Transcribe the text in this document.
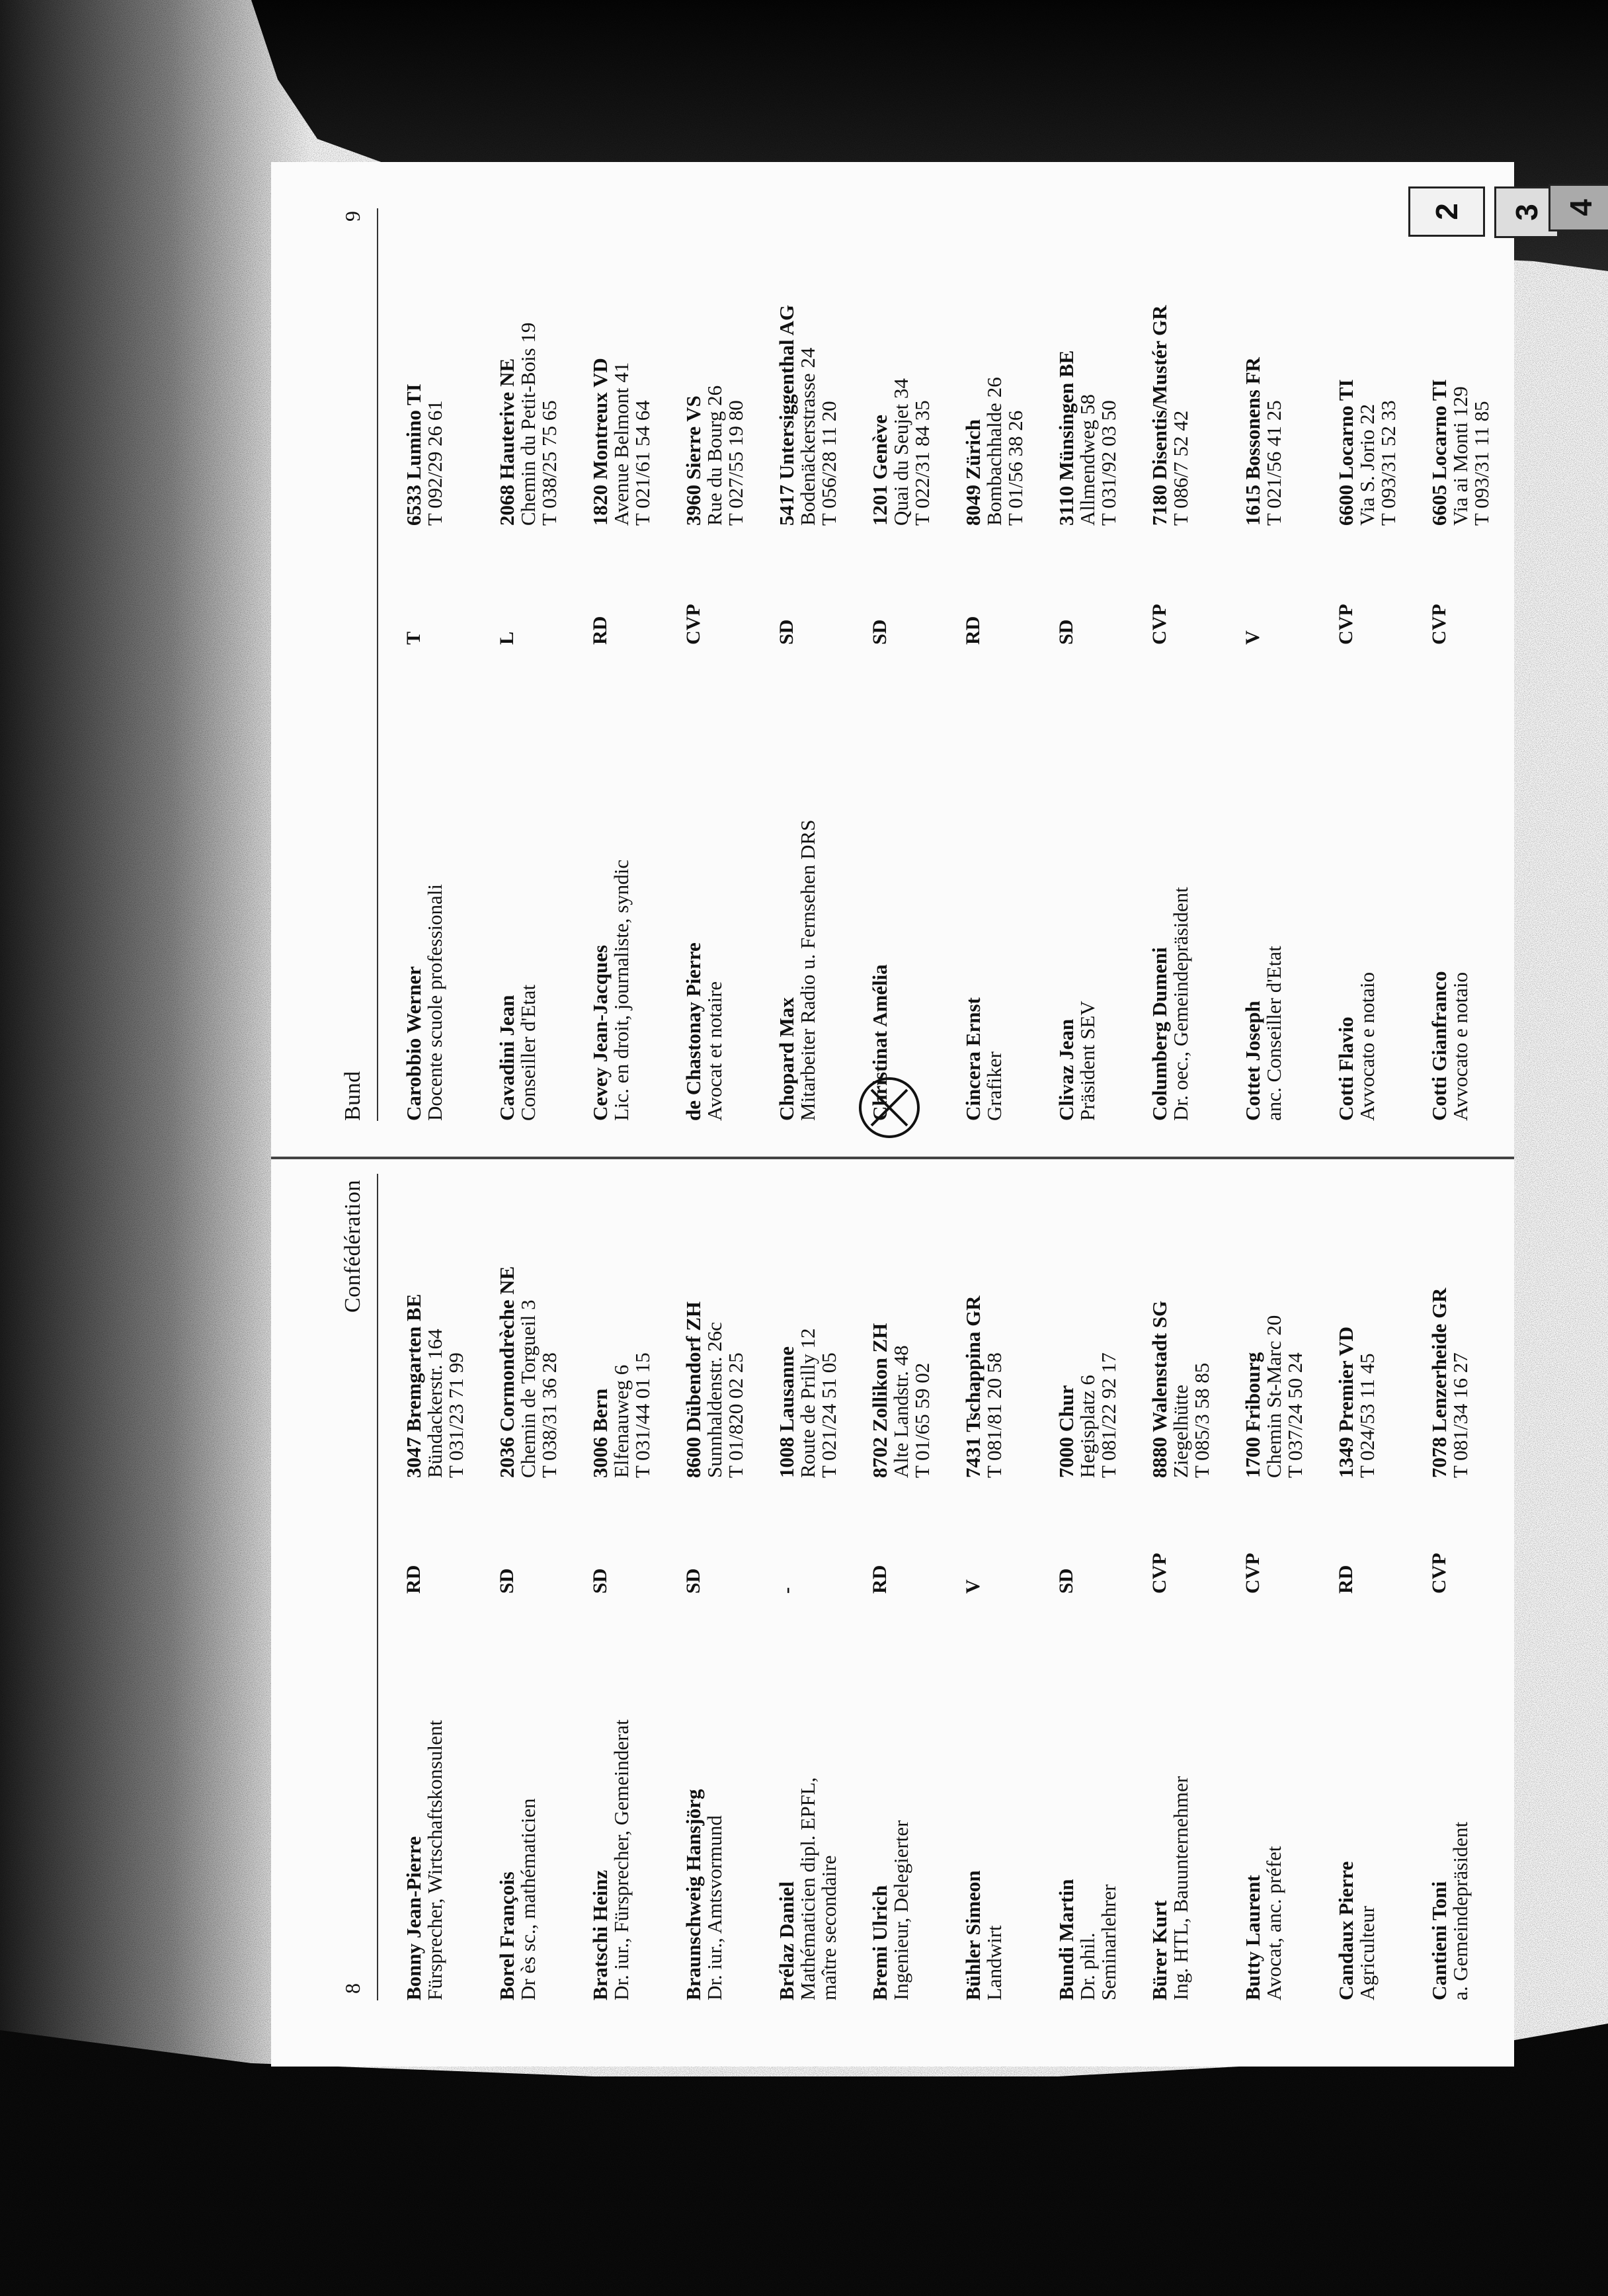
8
Confédération
Bonny Jean-Pierre
Fürsprecher, Wirtschaftskonsulent
RD
3047 Bremgarten BE
Bündackerstr. 164
T 031/23 71 99
Borel François
Dr ès sc., mathématicien
SD
2036 Cormondrèche NE
Chemin de Torgueil 3
T 038/31 36 28
Bratschi Heinz
Dr. iur., Fürsprecher, Gemeinderat
SD
3006 Bern
Elfenauweg 6
T 031/44 01 15
Braunschweig Hansjörg
Dr. iur., Amtsvormund
SD
8600 Dübendorf ZH
Sunnhaldenstr. 26c
T 01/820 02 25
Brélaz Daniel
Mathématicien dipl. EPFL,
maître secondaire
-
1008 Lausanne
Route de Prilly 12
T 021/24 51 05
Bremi Ulrich
Ingenieur, Delegierter
RD
8702 Zollikon ZH
Alte Landstr. 48
T 01/65 59 02
Bühler Simeon
Landwirt
V
7431 Tschappina GR
T 081/81 20 58
Bundi Martin
Dr. phil.
Seminarlehrer
SD
7000 Chur
Hegisplatz 6
T 081/22 92 17
Bürer Kurt
Ing. HTL, Bauunternehmer
CVP
8880 Walenstadt SG
Ziegelhütte
T 085/3 58 85
Butty Laurent
Avocat, anc. préfet
CVP
1700 Fribourg
Chemin St-Marc 20
T 037/24 50 24
Candaux Pierre
Agriculteur
RD
1349 Premier VD
T 024/53 11 45
Cantieni Toni
a. Gemeindepräsident
CVP
7078 Lenzerheide GR
T 081/34 16 27
Bund
9
Carobbio Werner
Docente scuole professionali
T
6533 Lumino TI
T 092/29 26 61
Cavadini Jean
Conseiller d'Etat
L
2068 Hauterive NE
Chemin du Petit-Bois 19
T 038/25 75 65
Cevey Jean-Jacques
Lic. en droit, journaliste, syndic
RD
1820 Montreux VD
Avenue Belmont 41
T 021/61 54 64
de Chastonay Pierre
Avocat et notaire
CVP
3960 Sierre VS
Rue du Bourg 26
T 027/55 19 80
Chopard Max
Mitarbeiter Radio u. Fernsehen DRS
SD
5417 Untersiggenthal AG
Bodenäckerstrasse 24
T 056/28 11 20
Christinat Amélia
SD
1201 Genève
Quai du Seujet 34
T 022/31 84 35
Cincera Ernst
Grafiker
RD
8049 Zürich
Bombachhalde 26
T 01/56 38 26
Clivaz Jean
Präsident SEV
SD
3110 Münsingen BE
Allmendweg 58
T 031/92 03 50
Columberg Dumeni
Dr. oec., Gemeindepräsident
CVP
7180 Disentis/Mustér GR
T 086/7 52 42
Cottet Joseph
anc. Conseiller d'Etat
V
1615 Bossonens FR
T 021/56 41 25
Cotti Flavio
Avvocato e notaio
CVP
6600 Locarno TI
Via S. Jorio 22
T 093/31 52 33
Cotti Gianfranco
Avvocato e notaio
CVP
6605 Locarno TI
Via ai Monti 129
T 093/31 11 85
2	3 4
